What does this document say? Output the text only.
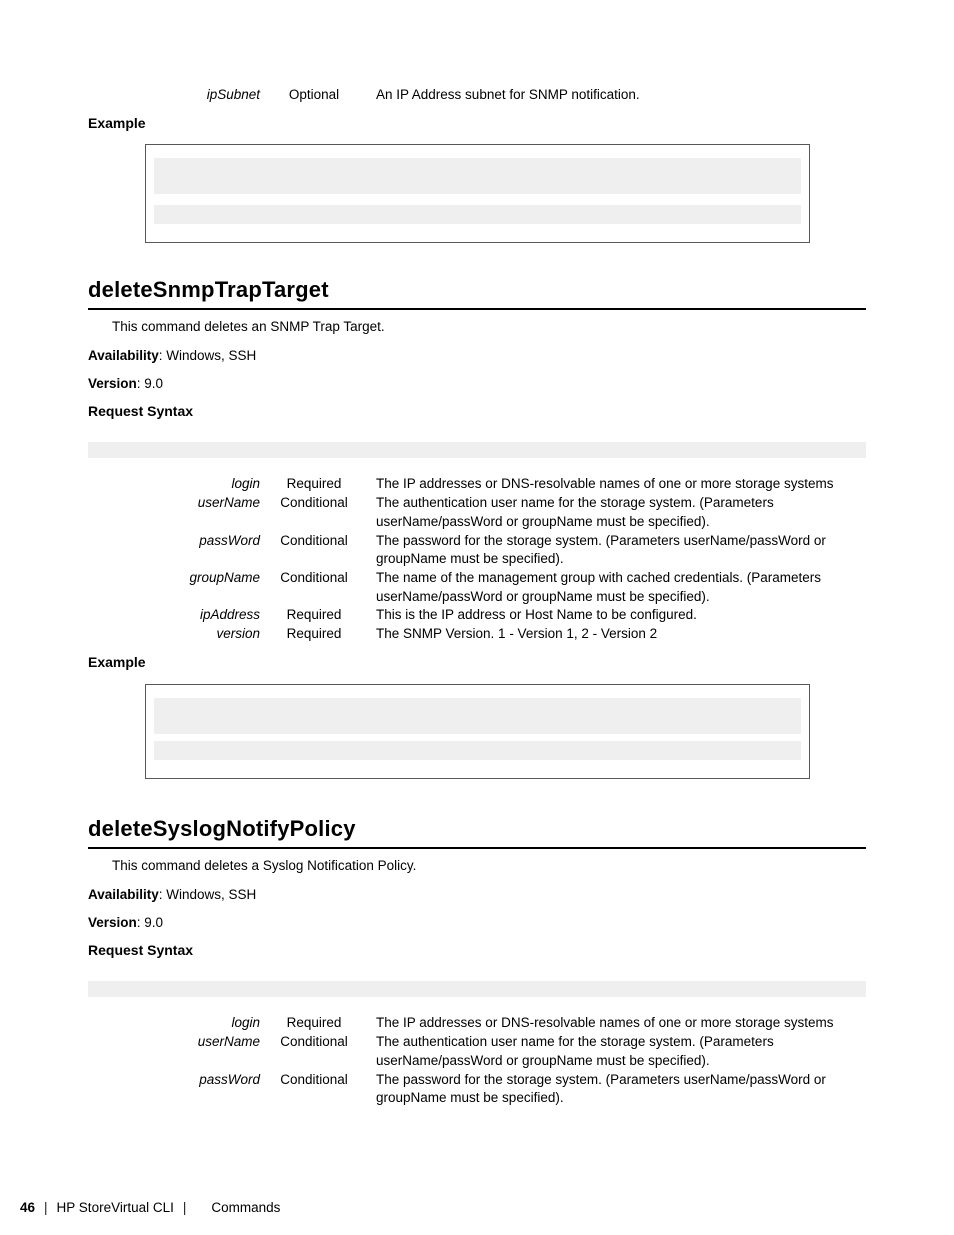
ipSubnet	Optional	An IP Address subnet for SNMP notification.
Example
deleteSnmpTrapTarget
This command deletes an SNMP Trap Target.
Availability: Windows, SSH
Version: 9.0
Request Syntax
login	Required	The IP addresses or DNS-resolvable names of one or more storage systems
userName	Conditional	The authentication user name for the storage system. (Parameters userName/passWord or groupName must be specified).
passWord	Conditional	The password for the storage system. (Parameters userName/passWord or groupName must be specified).
groupName	Conditional	The name of the management group with cached credentials. (Parameters userName/passWord or groupName must be specified).
ipAddress	Required	This is the IP address or Host Name to be configured.
version	Required	The SNMP Version. 1 - Version 1, 2 - Version 2
Example
deleteSyslogNotifyPolicy
This command deletes a Syslog Notification Policy.
Availability: Windows, SSH
Version: 9.0
Request Syntax
login	Required	The IP addresses or DNS-resolvable names of one or more storage systems
userName	Conditional	The authentication user name for the storage system. (Parameters userName/passWord or groupName must be specified).
passWord	Conditional	The password for the storage system. (Parameters userName/passWord or groupName must be specified).
46 | HP StoreVirtual CLI | Commands
